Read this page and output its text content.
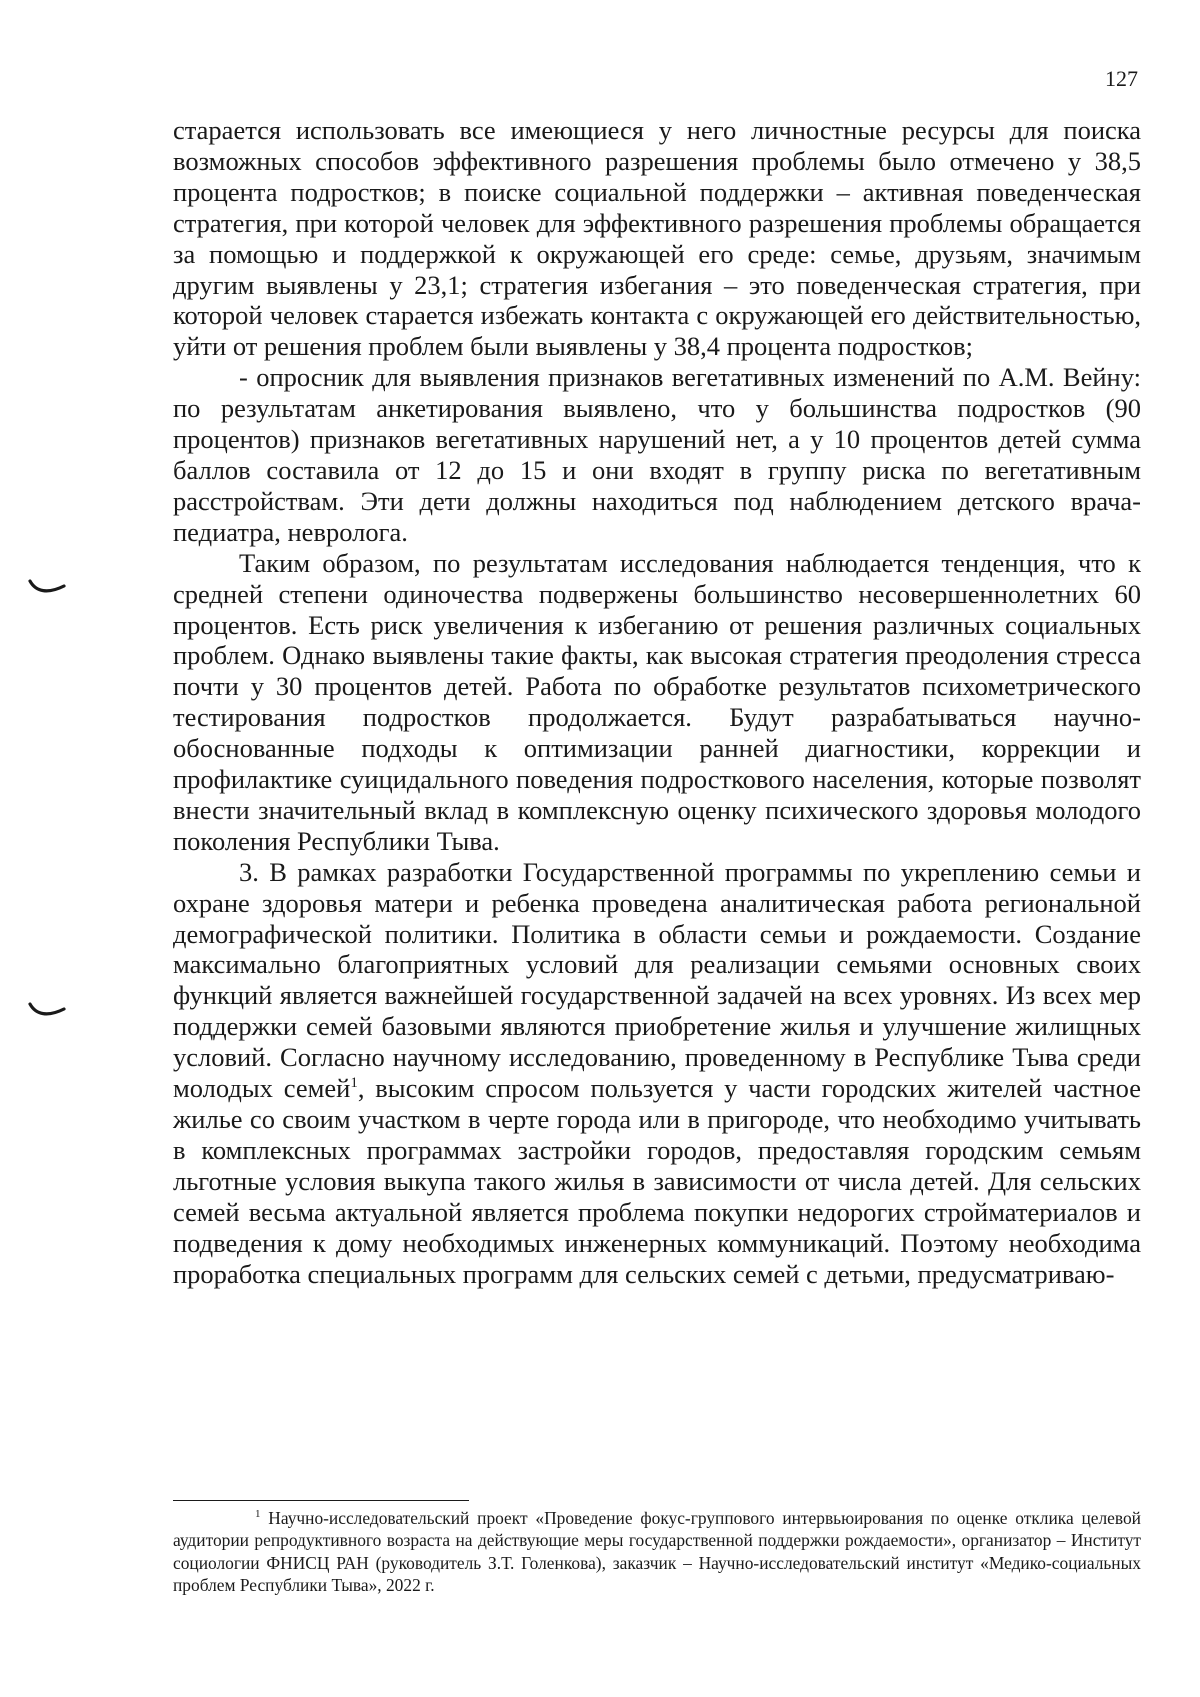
127

старается использовать все имеющиеся у него личностные ресурсы для поиска возможных способов эффективного разрешения проблемы было отмечено у 38,5 процента подростков; в поиске социальной поддержки – активная поведенческая стратегия, при которой человек для эффективного разрешения проблемы обращается за помощью и поддержкой к окружающей его среде: семье, друзьям, значимым другим выявлены у 23,1; стратегия избегания – это поведенческая стратегия, при которой человек старается избежать контакта с окружающей его действительностью, уйти от решения проблем были выявлены у 38,4 процента подростков;

- опросник для выявления признаков вегетативных изменений по А.М. Вейну: по результатам анкетирования выявлено, что у большинства подростков (90 процентов) признаков вегетативных нарушений нет, а у 10 процентов детей сумма баллов составила от 12 до 15 и они входят в группу риска по вегетативным расстройствам. Эти дети должны находиться под наблюдением детского врача-педиатра, невролога.

Таким образом, по результатам исследования наблюдается тенденция, что к средней степени одиночества подвержены большинство несовершеннолетних 60 процентов. Есть риск увеличения к избеганию от решения различных социальных проблем. Однако выявлены такие факты, как высокая стратегия преодоления стресса почти у 30 процентов детей. Работа по обработке результатов психометрического тестирования подростков продолжается. Будут разрабатываться научно-обоснованные подходы к оптимизации ранней диагностики, коррекции и профилактике суицидального поведения подросткового населения, которые позволят внести значительный вклад в комплексную оценку психического здоровья молодого поколения Республики Тыва.

3. В рамках разработки Государственной программы по укреплению семьи и охране здоровья матери и ребенка проведена аналитическая работа региональной демографической политики. Политика в области семьи и рождаемости. Создание максимально благоприятных условий для реализации семьями основных своих функций является важнейшей государственной задачей на всех уровнях. Из всех мер поддержки семей базовыми являются приобретение жилья и улучшение жилищных условий. Согласно научному исследованию, проведенному в Республике Тыва среди молодых семей$^1$, высоким спросом пользуется у части городских жителей частное жилье со своим участком в черте города или в пригороде, что необходимо учитывать в комплексных программах застройки городов, предоставляя городским семьям льготные условия выкупа такого жилья в зависимости от числа детей. Для сельских семей весьма актуальной является проблема покупки недорогих стройматериалов и подведения к дому необходимых инженерных коммуникаций. Поэтому необходима проработка специальных программ для сельских семей с детьми, предусматриваю-

$^1$ Научно-исследовательский проект «Проведение фокус-группового интервьюирования по оценке отклика целевой аудитории репродуктивного возраста на действующие меры государственной поддержки рождаемости», организатор – Институт социологии ФНИСЦ РАН (руководитель З.Т. Голенкова), заказчик – Научно-исследовательский институт «Медико-социальных проблем Республики Тыва», 2022 г.
